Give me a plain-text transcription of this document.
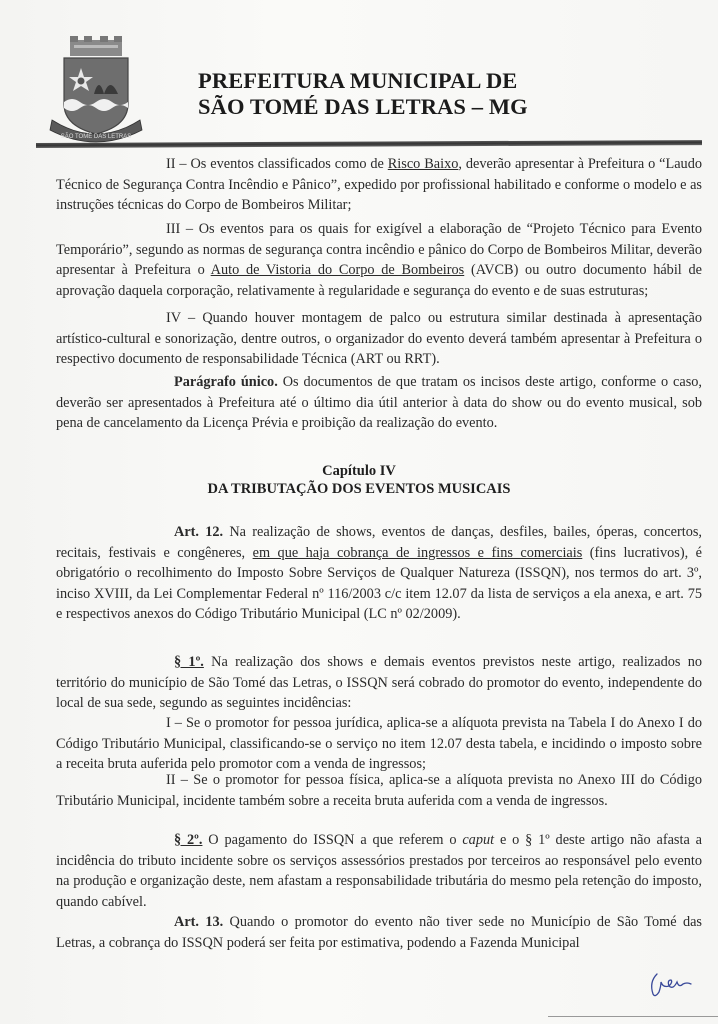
SÃO TOMÉ DAS LETRAS
PREFEITURA MUNICIPAL DE
SÃO TOMÉ DAS LETRAS – MG
II – Os eventos classificados como de Risco Baixo, deverão apresentar à Prefeitura o “Laudo Técnico de Segurança Contra Incêndio e Pânico”, expedido por profissional habilitado e conforme o modelo e as instruções técnicas do Corpo de Bombeiros Militar;
III – Os eventos para os quais for exigível a elaboração de “Projeto Técnico para Evento Temporário”, segundo as normas de segurança contra incêndio e pânico do Corpo de Bombeiros Militar, deverão apresentar à Prefeitura o Auto de Vistoria do Corpo de Bombeiros (AVCB) ou outro documento hábil de aprovação daquela corporação, relativamente à regularidade e segurança do evento e de suas estruturas;
IV – Quando houver montagem de palco ou estrutura similar destinada à apresentação artístico-cultural e sonorização, dentre outros, o organizador do evento deverá também apresentar à Prefeitura o respectivo documento de responsabilidade Técnica (ART ou RRT).
Parágrafo único. Os documentos de que tratam os incisos deste artigo, conforme o caso, deverão ser apresentados à Prefeitura até o último dia útil anterior à data do show ou do evento musical, sob pena de cancelamento da Licença Prévia e proibição da realização do evento.
Capítulo IV
DA TRIBUTAÇÃO DOS EVENTOS MUSICAIS
Art. 12. Na realização de shows, eventos de danças, desfiles, bailes, óperas, concertos, recitais, festivais e congêneres, em que haja cobrança de ingressos e fins comerciais (fins lucrativos), é obrigatório o recolhimento do Imposto Sobre Serviços de Qualquer Natureza (ISSQN), nos termos do art. 3º, inciso XVIII, da Lei Complementar Federal nº 116/2003 c/c item 12.07 da lista de serviços a ela anexa, e art. 75 e respectivos anexos do Código Tributário Municipal (LC nº 02/2009).
§ 1º. Na realização dos shows e demais eventos previstos neste artigo, realizados no território do município de São Tomé das Letras, o ISSQN será cobrado do promotor do evento, independente do local de sua sede, segundo as seguintes incidências:
I – Se o promotor for pessoa jurídica, aplica-se a alíquota prevista na Tabela I do Anexo I do Código Tributário Municipal, classificando-se o serviço no item 12.07 desta tabela, e incidindo o imposto sobre a receita bruta auferida pelo promotor com a venda de ingressos;
II – Se o promotor for pessoa física, aplica-se a alíquota prevista no Anexo III do Código Tributário Municipal, incidente também sobre a receita bruta auferida com a venda de ingressos.
§ 2º. O pagamento do ISSQN a que referem o caput e o § 1º deste artigo não afasta a incidência do tributo incidente sobre os serviços assessórios prestados por terceiros ao responsável pelo evento na produção e organização deste, nem afastam a responsabilidade tributária do mesmo pela retenção do imposto, quando cabível.
Art. 13. Quando o promotor do evento não tiver sede no Município de São Tomé das Letras, a cobrança do ISSQN poderá ser feita por estimativa, podendo a Fazenda Municipal
